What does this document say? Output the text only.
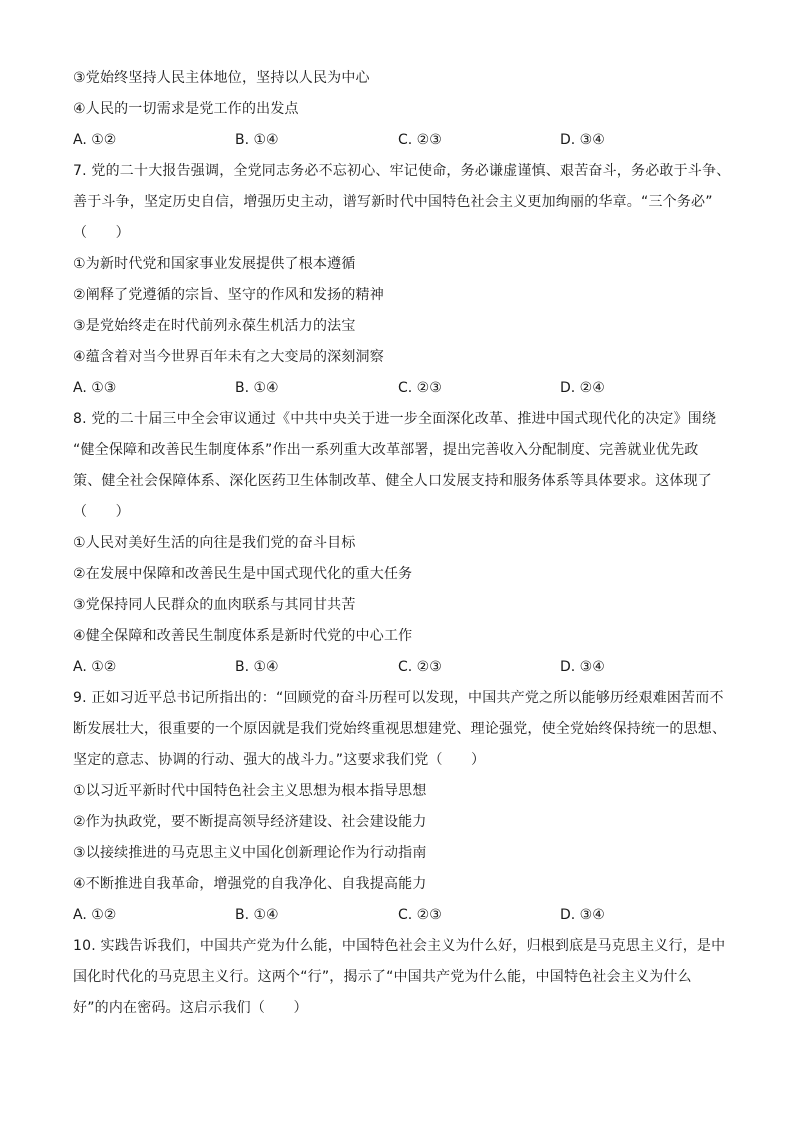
③党始终坚持人民主体地位，坚持以人民为中心
④人民的一切需求是党工作的出发点
A. ①②	B. ①④	C. ②③	D. ③④
7. 党的二十大报告强调，全党同志务必不忘初心、牢记使命，务必谦虚谨慎、艰苦奋斗，务必敢于斗争、
善于斗争，坚定历史自信，增强历史主动，谱写新时代中国特色社会主义更加绚丽的华章。“三个务必”
（　　）
①为新时代党和国家事业发展提供了根本遵循
②阐释了党遵循的宗旨、坚守的作风和发扬的精神
③是党始终走在时代前列永葆生机活力的法宝
④蕴含着对当今世界百年未有之大变局的深刻洞察
A. ①③	B. ①④	C. ②③	D. ②④
8. 党的二十届三中全会审议通过《中共中央关于进一步全面深化改革、推进中国式现代化的决定》围绕
“健全保障和改善民生制度体系”作出一系列重大改革部署，提出完善收入分配制度、完善就业优先政
策、健全社会保障体系、深化医药卫生体制改革、健全人口发展支持和服务体系等具体要求。这体现了
（　　）
①人民对美好生活的向往是我们党的奋斗目标
②在发展中保障和改善民生是中国式现代化的重大任务
③党保持同人民群众的血肉联系与其同甘共苦
④健全保障和改善民生制度体系是新时代党的中心工作
A. ①②	B. ①④	C. ②③	D. ③④
9. 正如习近平总书记所指出的：“回顾党的奋斗历程可以发现，中国共产党之所以能够历经艰难困苦而不
断发展壮大，很重要的一个原因就是我们党始终重视思想建党、理论强党，使全党始终保持统一的思想、
坚定的意志、协调的行动、强大的战斗力。”这要求我们党（　　）
①以习近平新时代中国特色社会主义思想为根本指导思想
②作为执政党，要不断提高领导经济建设、社会建设能力
③以接续推进的马克思主义中国化创新理论作为行动指南
④不断推进自我革命，增强党的自我净化、自我提高能力
A. ①②	B. ①④	C. ②③	D. ③④
10. 实践告诉我们，中国共产党为什么能，中国特色社会主义为什么好，归根到底是马克思主义行，是中
国化时代化的马克思主义行。这两个“行”，揭示了“中国共产党为什么能，中国特色社会主义为什么
好”的内在密码。这启示我们（　　）
